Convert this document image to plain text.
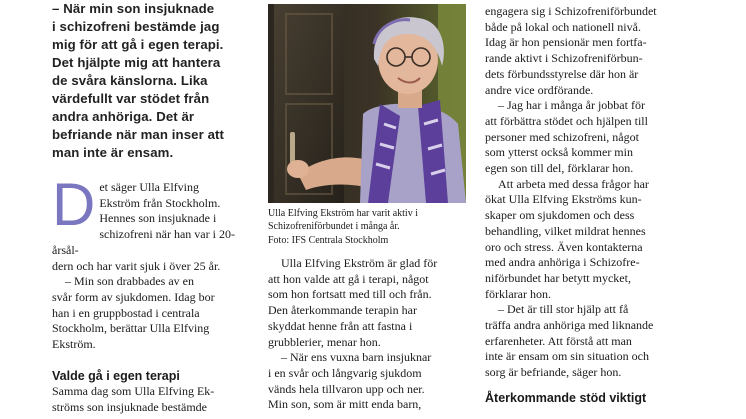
– När min son insjuknade
i schizofreni bestämde jag
mig för att gå i egen terapi.
Det hjälpte mig att hantera
de svåra känslorna. Lika
värdefullt var stödet från
andra anhöriga. Det är
befriande när man inser att
man inte är ensam.
D et säger Ulla Elfving
Ekström från Stockholm.
Hennes son insjuknade i
schizofreni när han var i 20-årsål-
dern och har varit sjuk i över 25 år.
– Min son drabbades av en
svår form av sjukdomen. Idag bor
han i en gruppbostad i centrala
Stockholm, berättar Ulla Elfving
Ekström.
Valde gå i egen terapi
Samma dag som Ulla Elfving Ek-
ströms son insjuknade bestämde
Ulla Elfving Ekström har varit aktiv i
Schizofreniförbundet i många år.
Foto: IFS Centrala Stockholm
Ulla Elfving Ekström är glad för
att hon valde att gå i terapi, något
som hon fortsatt med till och från.
Den återkommande terapin har
skyddat henne från att fastna i
grubblerier, menar hon.
– När ens vuxna barn insjuknar
i en svår och långvarig sjukdom
vänds hela tillvaron upp och ner.
Min son, som är mitt enda barn,
engagera sig i Schizofreniförbundet
både på lokal och nationell nivå.
Idag är hon pensionär men fortfa-
rande aktivt i Schizofreniförbun-
dets förbundsstyrelse där hon är
andre vice ordförande.
– Jag har i många år jobbat för
att förbättra stödet och hjälpen till
personer med schizofreni, något
som ytterst också kommer min
egen son till del, förklarar hon.
Att arbeta med dessa frågor har
ökat Ulla Elfving Ekströms kun-
skaper om sjukdomen och dess
behandling, vilket mildrat hennes
oro och stress. Även kontakterna
med andra anhöriga i Schizofre-
niförbundet har betytt mycket,
förklarar hon.
– Det är till stor hjälp att få
träffa andra anhöriga med liknande
erfarenheter. Att förstå att man
inte är ensam om sin situation och
sorg är befriande, säger hon.
Återkommande stöd viktigt
